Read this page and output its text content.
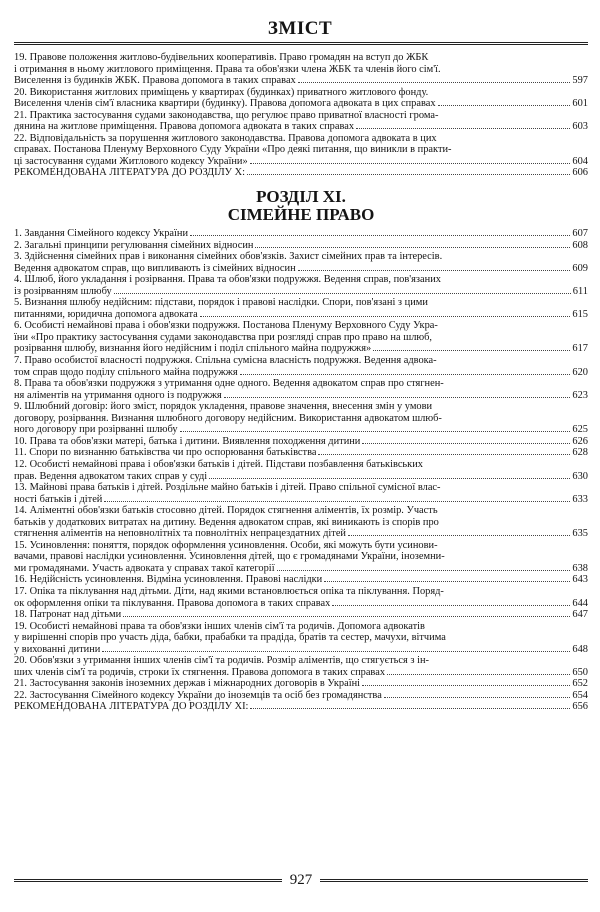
ЗМІСТ
19. Правове положення житлово-будівельних кооперативів. Право громадян на вступ до ЖБК
і отримання в ньому житлового приміщення. Права та обов'язки члена ЖБК та членів його сім'ї.
Виселення із будинків ЖБК. Правова допомога в таких справах	597
20. Використання житлових приміщень у квартирах (будинках) приватного житлового фонду.
Виселення членів сім'ї власника квартири (будинку). Правова допомога адвоката в цих справах	601
21. Практика застосування судами законодавства, що регулює право приватної власності грома-
дянина на житлове приміщення. Правова допомога адвоката в таких справах	603
22. Відповідальність за порушення житлового законодавства. Правова допомога адвоката в цих
справах. Постанова Пленуму Верховного Суду України «Про деякі питання, що виникли в практи-
ці застосування судами Житлового кодексу України»	604
РЕКОМЕНДОВАНА ЛІТЕРАТУРА ДО РОЗДІЛУ X:	606
РОЗДІЛ XI.
СІМЕЙНЕ ПРАВО
1. Завдання Сімейного кодексу України	607
2. Загальні принципи регулювання сімейних відносин	608
3. Здійснення сімейних прав і виконання сімейних обов'язків. Захист сімейних прав та інтересів.
Ведення адвокатом справ, що випливають із сімейних відносин	609
4. Шлюб, його укладання і розірвання. Права та обов'язки подружжя. Ведення справ, пов'язаних
із розірванням шлюбу	611
5. Визнання шлюбу недійсним: підстави, порядок і правові наслідки. Спори, пов'язані з цими
питаннями, юридична допомога адвоката	615
6. Особисті немайнові права і обов'язки подружжя. Постанова Пленуму Верховного Суду Укра-
їни «Про практику застосування судами законодавства при розгляді справ про право на шлюб,
розірвання шлюбу, визнання його недійсним і поділ спільного майна подружжя»	617
7. Право особистої власності подружжя. Спільна сумісна власність подружжя. Ведення адвока-
том справ щодо поділу спільного майна подружжя	620
8. Права та обов'язки подружжя з утримання одне одного. Ведення адвокатом справ про стягнен-
ня аліментів на утримання одного із подружжя	623
9. Шлюбний договір: його зміст, порядок укладення, правове значення, внесення змін у умови
договору, розірвання. Визнання шлюбного договору недійсним. Використання адвокатом шлюб-
ного договору при розірванні шлюбу	625
10. Права та обов'язки матері, батька і дитини. Виявлення походження дитини	626
11. Спори по визнанню батьківства чи про оспорювання батьківства	628
12. Особисті немайнові права і обов'язки батьків і дітей. Підстави позбавлення батьківських
прав. Ведення адвокатом таких справ у суді	630
13. Майнові права батьків і дітей. Роздільне майно батьків і дітей. Право спільної сумісної влас-
ності батьків і дітей	633
14. Аліментні обов'язки батьків стосовно дітей. Порядок стягнення аліментів, їх розмір. Участь
батьків у додаткових витратах на дитину. Ведення адвокатом справ, які виникають із спорів про
стягнення аліментів на неповнолітніх та повнолітніх непрацездатних дітей	635
15. Усиновлення: поняття, порядок оформлення усиновлення. Особи, які можуть бути усинови-
вачами, правові наслідки усиновлення. Усиновлення дітей, що є громадянами України, іноземни-
ми громадянами. Участь адвоката у справах такої категорії	638
16. Недійсність усиновлення. Відміна усиновлення. Правові наслідки	643
17. Опіка та піклування над дітьми. Діти, над якими встановлюється опіка та піклування. Поряд-
ок оформлення опіки та піклування. Правова допомога в таких справах	644
18. Патронат над дітьми	647
19. Особисті немайнові права та обов'язки інших членів сім'ї та родичів. Допомога адвокатів
у вирішенні спорів про участь діда, бабки, прабабки та прадіда, братів та сестер, мачухи, вітчима
у вихованні дитини	648
20. Обов'язки з утримання інших членів сім'ї та родичів. Розмір аліментів, що стягується з ін-
ших членів сім'ї та родичів, строки їх стягнення. Правова допомога в таких справах	650
21. Застосування законів іноземних держав і міжнародних договорів в Україні	652
22. Застосування Сімейного кодексу України до іноземців та осіб без громадянства	654
РЕКОМЕНДОВАНА ЛІТЕРАТУРА ДО РОЗДІЛУ XI:	656
927
